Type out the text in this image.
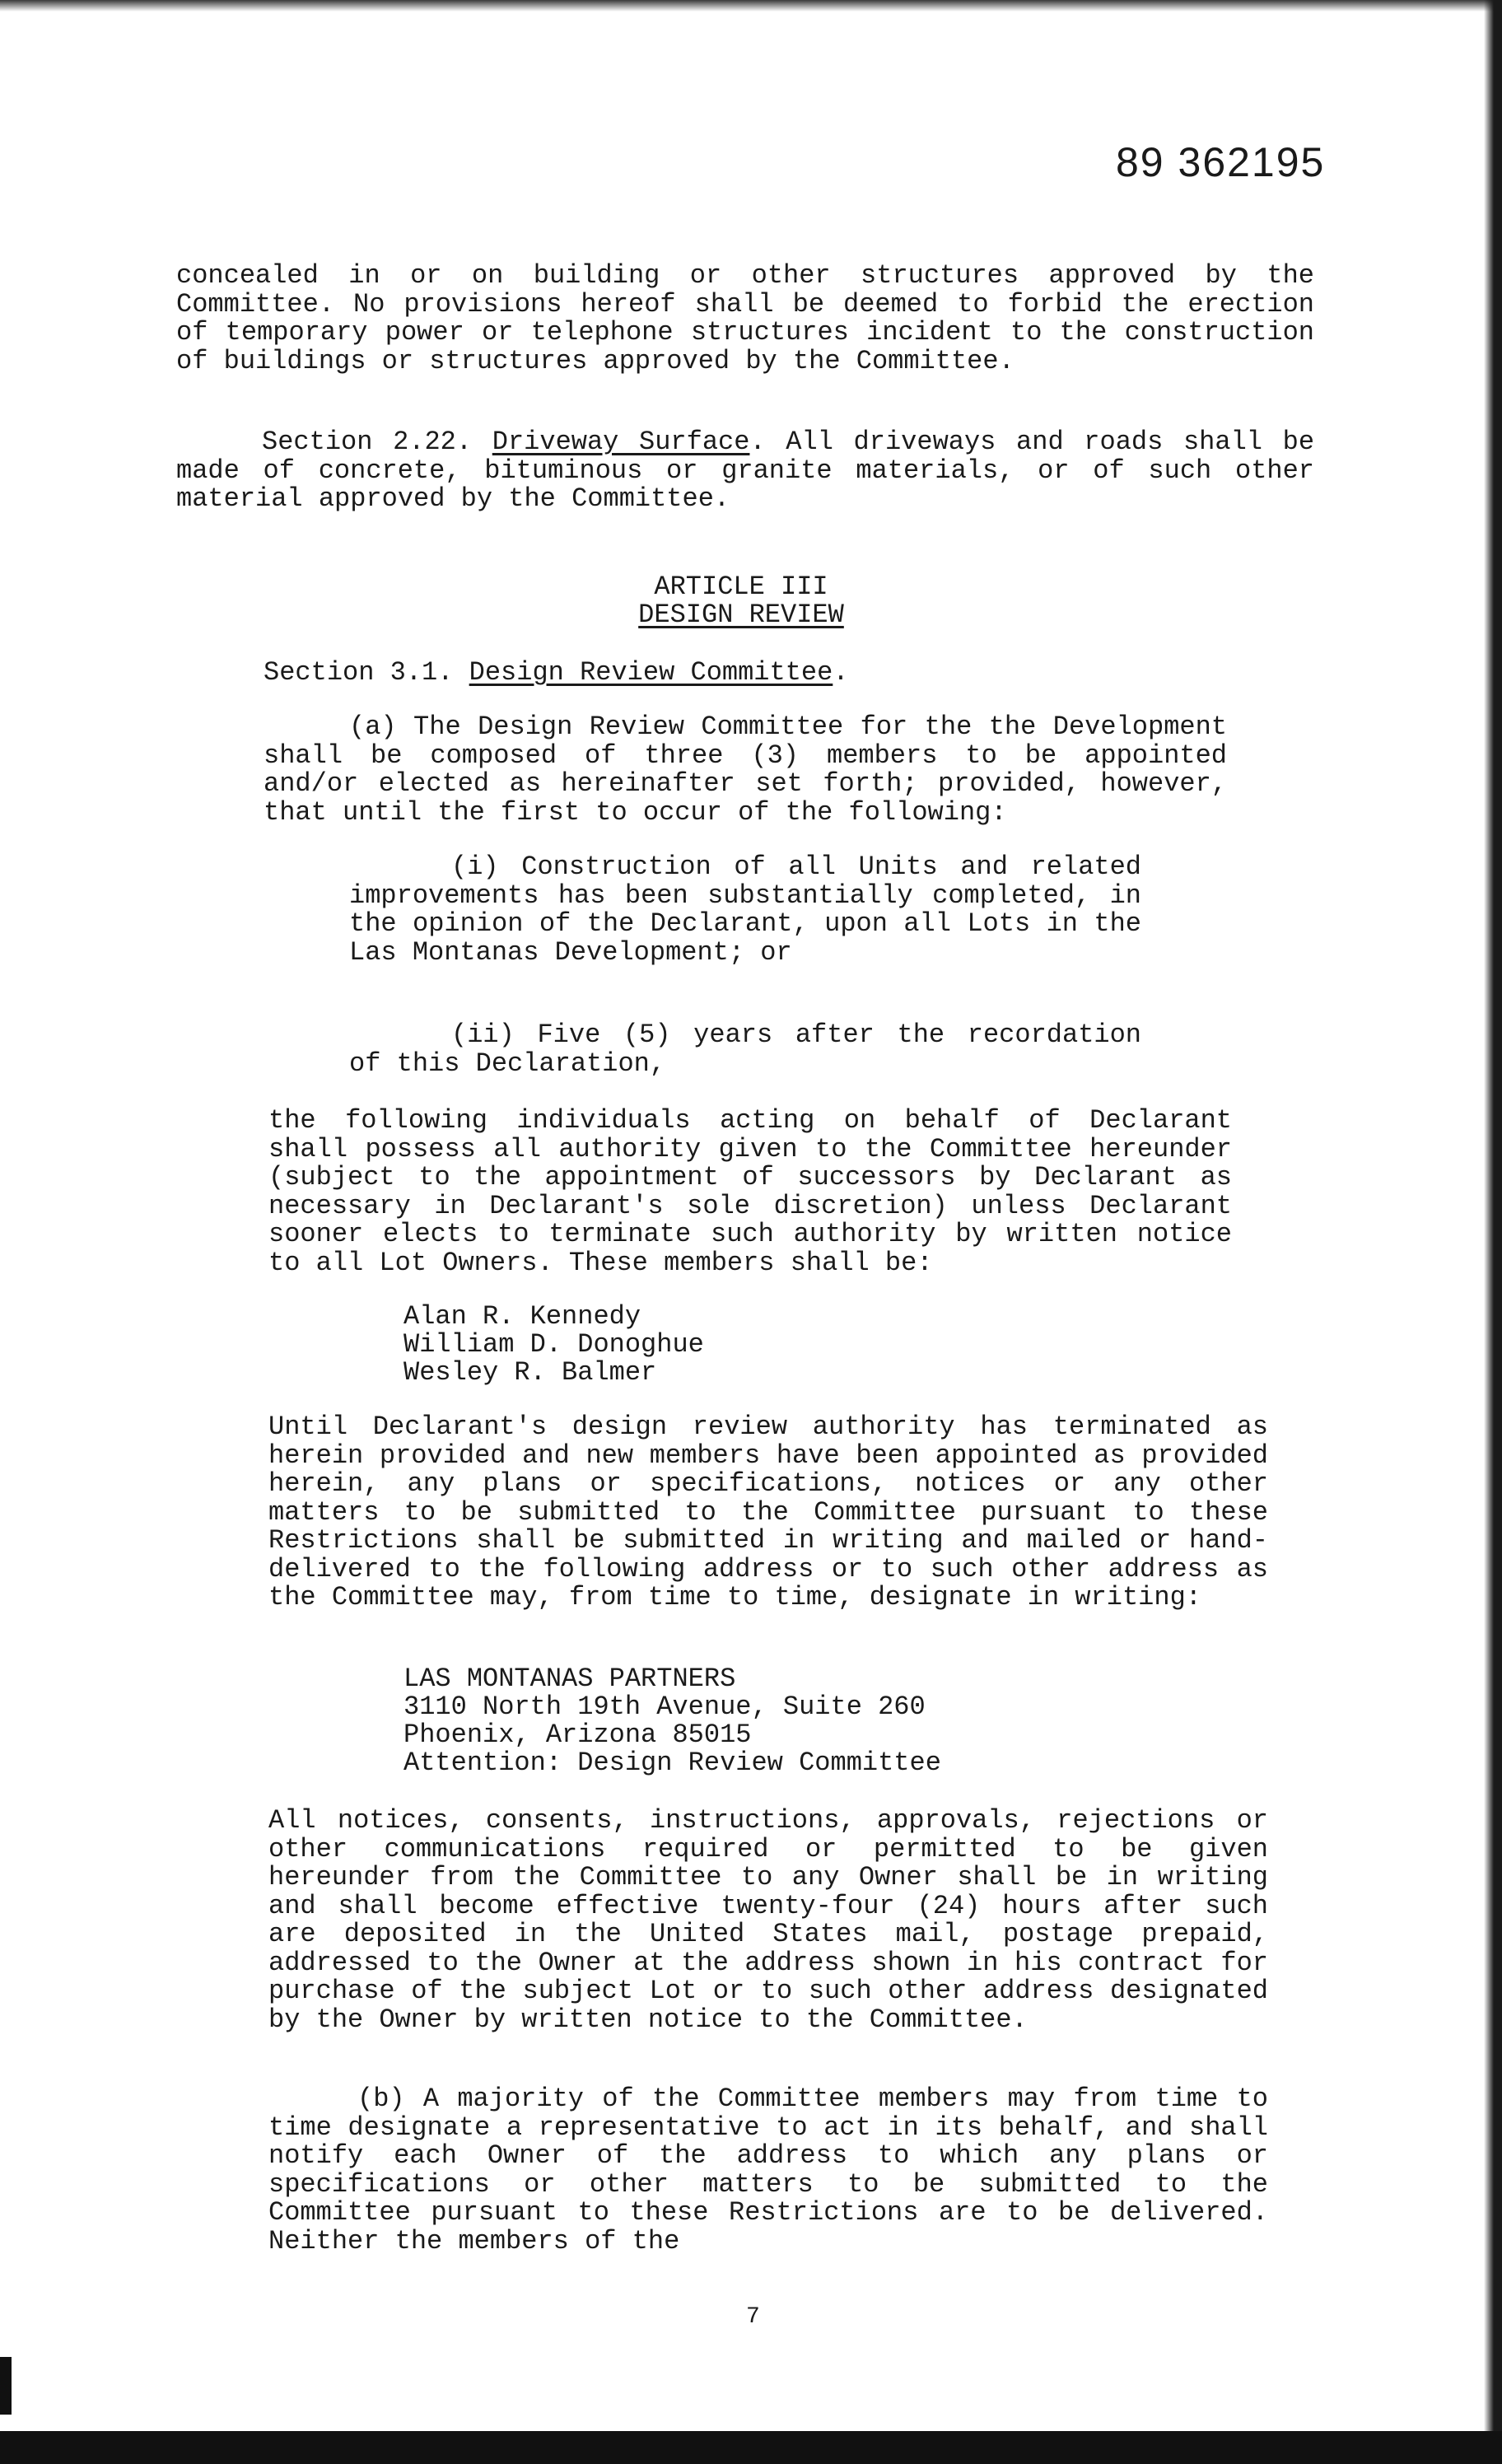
89 362195

concealed in or on building or other structures approved by the Committee. No provisions hereof shall be deemed to forbid the erection of temporary power or telephone structures incident to the construction of buildings or structures approved by the Committee.

Section 2.22. Driveway Surface. All driveways and roads shall be made of concrete, bituminous or granite materials, or of such other material approved by the Committee.

ARTICLE III
DESIGN REVIEW

Section 3.1. Design Review Committee.

(a) The Design Review Committee for the the Development shall be composed of three (3) members to be appointed and/or elected as hereinafter set forth; provided, however, that until the first to occur of the following:

(i) Construction of all Units and related improvements has been substantially completed, in the opinion of the Declarant, upon all Lots in the Las Montanas Development; or

(ii) Five (5) years after the recordation of this Declaration,

the following individuals acting on behalf of Declarant shall possess all authority given to the Committee hereunder (subject to the appointment of successors by Declarant as necessary in Declarant's sole discretion) unless Declarant sooner elects to terminate such authority by written notice to all Lot Owners. These members shall be:

Alan R. Kennedy

William D. Donoghue

Wesley R. Balmer

Until Declarant's design review authority has terminated as herein provided and new members have been appointed as provided herein, any plans or specifications, notices or any other matters to be submitted to the Committee pursuant to these Restrictions shall be submitted in writing and mailed or hand-delivered to the following address or to such other address as the Committee may, from time to time, designate in writing:

LAS MONTANAS PARTNERS

3110 North 19th Avenue, Suite 260

Phoenix, Arizona 85015

Attention: Design Review Committee

All notices, consents, instructions, approvals, rejections or other communications required or permitted to be given hereunder from the Committee to any Owner shall be in writing and shall become effective twenty-four (24) hours after such are deposited in the United States mail, postage prepaid, addressed to the Owner at the address shown in his contract for purchase of the subject Lot or to such other address designated by the Owner by written notice to the Committee.

(b) A majority of the Committee members may from time to time designate a representative to act in its behalf, and shall notify each Owner of the address to which any plans or specifications or other matters to be submitted to the Committee pursuant to these Restrictions are to be delivered. Neither the members of the

7
